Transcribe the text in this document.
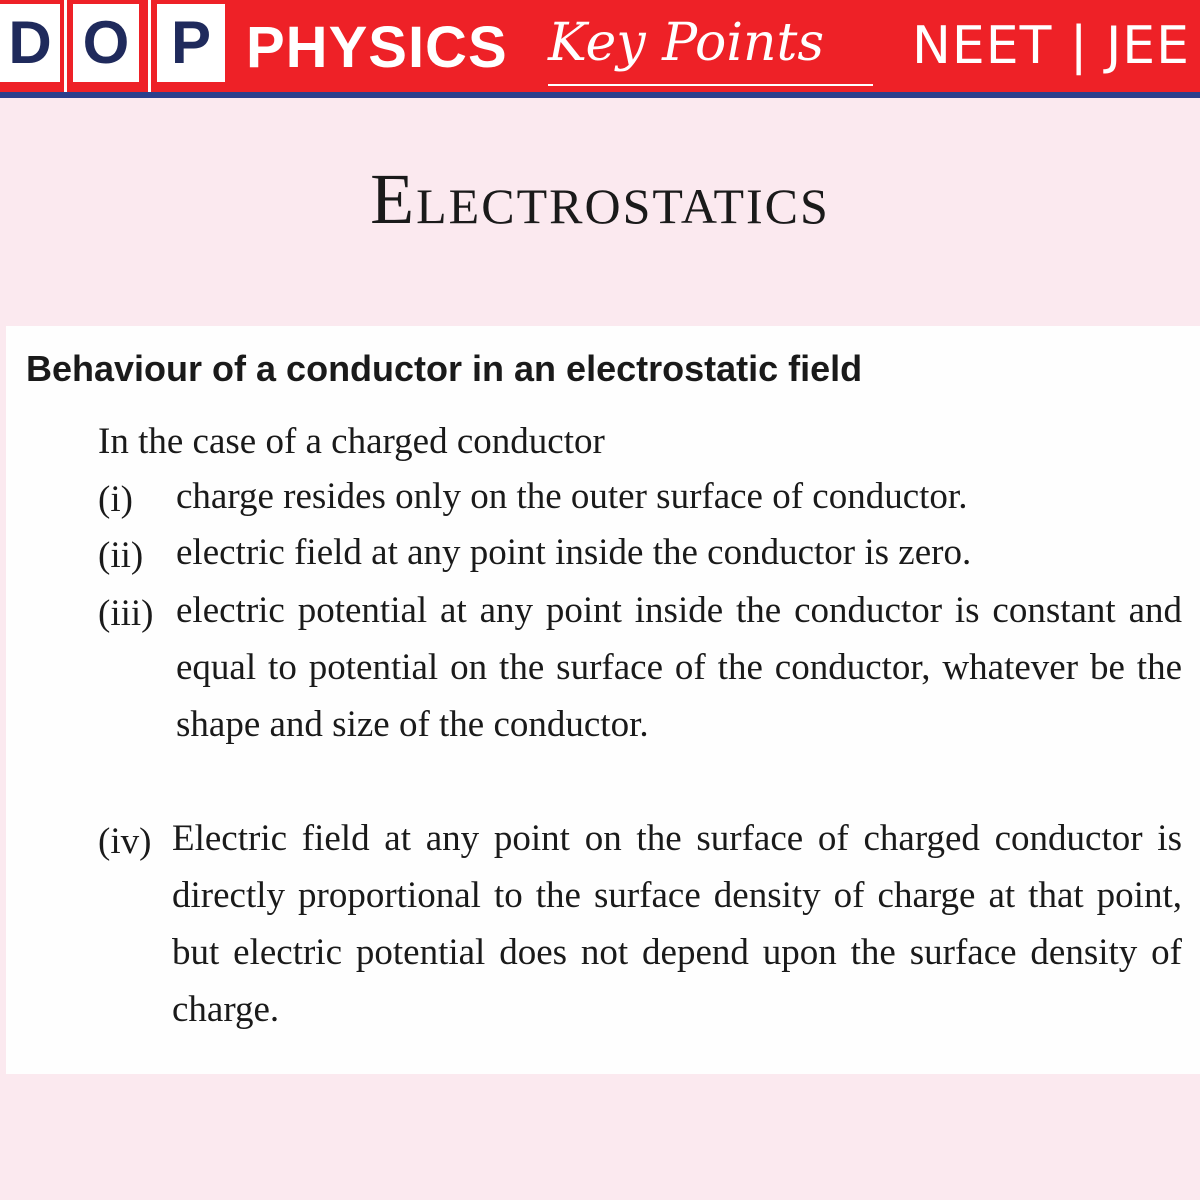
D O P PHYSICS Key Points	NEET | JEE
Electrostatics
Behaviour of a conductor in an electrostatic field
In the case of a charged conductor
(i) charge resides only on the outer surface of conductor.
(ii) electric field at any point inside the conductor is zero.
(iii) electric potential at any point inside the conductor is constant and equal to potential on the surface of the conductor, whatever be the shape and size of the conductor.
(iv) Electric field at any point on the surface of charged conductor is directly proportional to the surface density of charge at that point, but electric potential does not depend upon the surface density of charge.
